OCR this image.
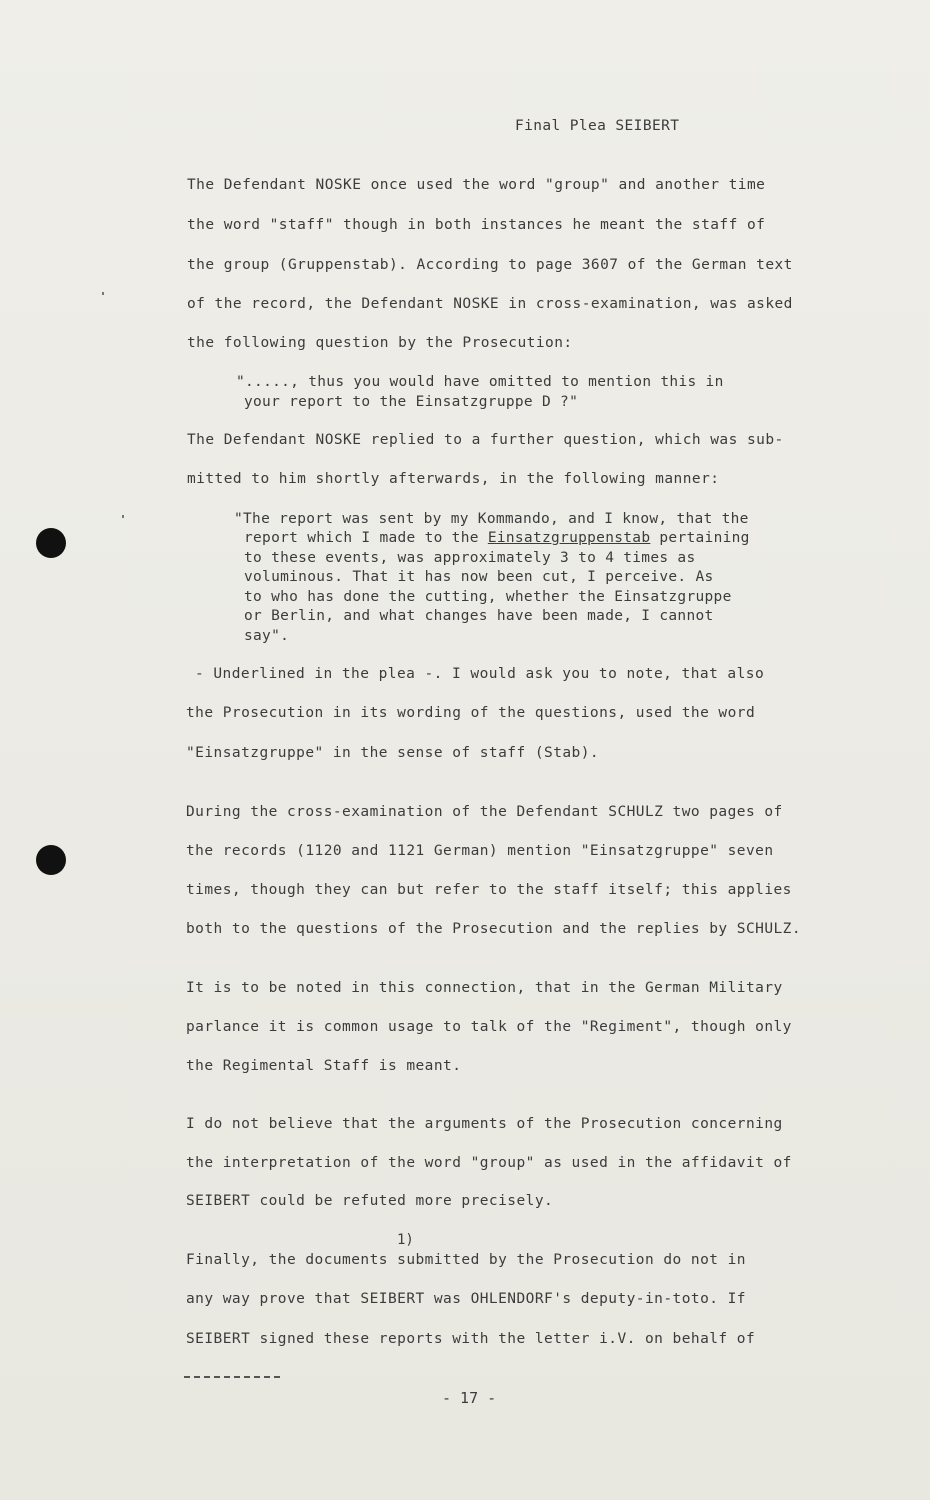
Final Plea SEIBERT
The Defendant NOSKE once used the word "group" and another time
the word "staff" though in both instances he meant the staff of
the group (Gruppenstab). According to page 3607 of the German text
of the record, the Defendant NOSKE in cross-examination, was asked
the following question by the Prosecution:
"....., thus you would have omitted to mention this in
your report to the Einsatzgruppe D ?"
The Defendant NOSKE replied to a further question, which was sub-
mitted to him shortly afterwards, in the following manner:
"The report was sent by my Kommando, and I know, that the
report which I made to the Einsatzgruppenstab pertaining
to these events, was approximately 3 to 4 times as
voluminous. That it has now been cut, I perceive. As
to who has done the cutting, whether the Einsatzgruppe
or Berlin, and what changes have been made, I cannot
say".
- Underlined in the plea -. I would ask you to note, that also
the Prosecution in its wording of the questions, used the word
"Einsatzgruppe" in the sense of staff (Stab).
During the cross-examination of the Defendant SCHULZ two pages of
the records (1120 and 1121 German) mention "Einsatzgruppe" seven
times, though they can but refer to the staff itself; this applies
both to the questions of the Prosecution and the replies by SCHULZ.
It is to be noted in this connection, that in the German Military
parlance it is common usage to talk of the "Regiment", though only
the Regimental Staff is meant.
I do not believe that the arguments of the Prosecution concerning
the interpretation of the word "group" as used in the affidavit of
SEIBERT could be refuted more precisely.
1)
Finally, the documents submitted by the Prosecution do not in
any way prove that SEIBERT was OHLENDORF's deputy-in-toto. If
SEIBERT signed these reports with the letter i.V. on behalf of
- 17 -
